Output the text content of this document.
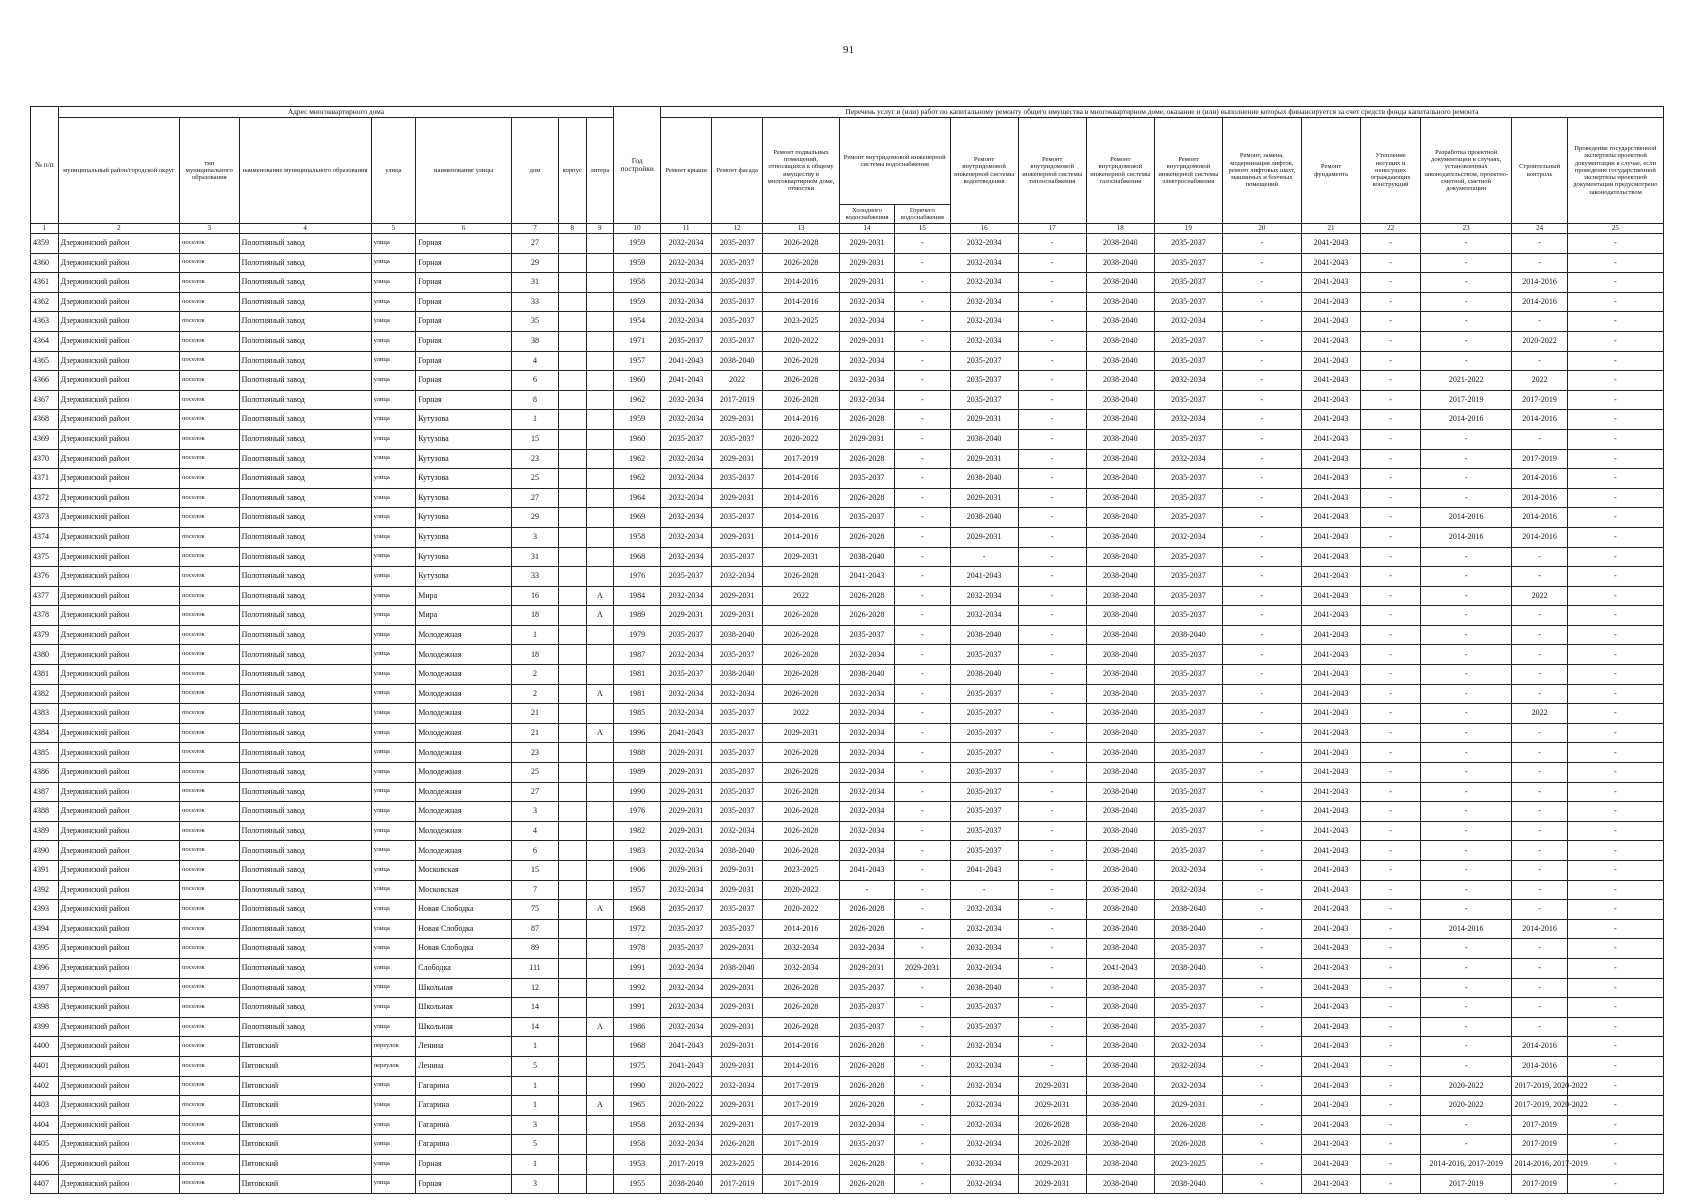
91
№ п/п	Адрес многоквартирного дома								Год постройки	Перечень услуг и (или) работ по капитальному ремонту общего имущества в многоквартирном доме, оказание и (или) выполнение которых финансируется за счет средств фонда капитального ремонта														
	муниципальный район/городской округ	тип муниципального образования	наименование муниципального образования	улица	наименование улицы	дом	корпус	литера		Ремонт крыши	Ремонт фасада	Ремонт подвальных помещений, относящихся к общему имуществу в многоквартирном доме, отмостки	Ремонт внутридомовой инженерной системы водоснабжения		Ремонт внутридомовой инженерной системы водоотведения	Ремонт внутридомовой инженерной системы теплоснабжения	Ремонт внутридомовой инженерной системы газоснабжения	Ремонт внутридомовой инженерной системы электроснабжения	Ремонт, замена, модернизация лифтов, ремонт лифтовых шахт, машинных и блочных помещений	Ремонт фундамента	Утепление несущих и ненесущих ограждающих конструкций	Разработка проектной документации в случаях, установленных законодательством, проектно-сметной, сметной документации	Строительный контроль	Проведение государственной экспертизы проектной документации в случае, если проведение государственной экспертизы проектной документации предусмотрено законодательством
													Холодного водоснабжения	Горячего водоснабжения										
1	2	3	4	5	6	7	8	9	10	11	12	13	14	15	16	17	18	19	20	21	22	23	24	25
4359	Дзержинский район	поселок	Полотняный завод	улица	Горная	27			1959	2032-2034	2035-2037	2026-2028	2029-2031	-	2032-2034	-	2038-2040	2035-2037	-	2041-2043	-	-	-	-
4360	Дзержинский район	поселок	Полотняный завод	улица	Горная	29			1959	2032-2034	2035-2037	2026-2028	2029-2031	-	2032-2034	-	2038-2040	2035-2037	-	2041-2043	-	-	-	-
4361	Дзержинский район	поселок	Полотняный завод	улица	Горная	31			1958	2032-2034	2035-2037	2014-2016	2029-2031	-	2032-2034	-	2038-2040	2035-2037	-	2041-2043	-	-	2014-2016	-
4362	Дзержинский район	поселок	Полотняный завод	улица	Горная	33			1959	2032-2034	2035-2037	2014-2016	2032-2034	-	2032-2034	-	2038-2040	2035-2037	-	2041-2043	-	-	2014-2016	-
4363	Дзержинский район	поселок	Полотняный завод	улица	Горная	35			1954	2032-2034	2035-2037	2023-2025	2032-2034	-	2032-2034	-	2038-2040	2032-2034	-	2041-2043	-	-	-	-
4364	Дзержинский район	поселок	Полотняный завод	улица	Горная	38			1971	2035-2037	2035-2037	2020-2022	2029-2031	-	2032-2034	-	2038-2040	2035-2037	-	2041-2043	-	-	2020-2022	-
4365	Дзержинский район	поселок	Полотняный завод	улица	Горная	4			1957	2041-2043	2038-2040	2026-2028	2032-2034	-	2035-2037	-	2038-2040	2035-2037	-	2041-2043	-	-	-	-
4366	Дзержинский район	поселок	Полотняный завод	улица	Горная	6			1960	2041-2043	2022	2026-2028	2032-2034	-	2035-2037	-	2038-2040	2032-2034	-	2041-2043	-	2021-2022	2022	-
4367	Дзержинский район	поселок	Полотняный завод	улица	Горная	8			1962	2032-2034	2017-2019	2026-2028	2032-2034	-	2035-2037	-	2038-2040	2035-2037	-	2041-2043	-	2017-2019	2017-2019	-
4368	Дзержинский район	поселок	Полотняный завод	улица	Кутузова	1			1959	2032-2034	2029-2031	2014-2016	2026-2028	-	2029-2031	-	2038-2040	2032-2034	-	2041-2043	-	2014-2016	2014-2016	-
4369	Дзержинский район	поселок	Полотняный завод	улица	Кутузова	15			1960	2035-2037	2035-2037	2020-2022	2029-2031	-	2038-2040	-	2038-2040	2035-2037	-	2041-2043	-	-	-	-
4370	Дзержинский район	поселок	Полотняный завод	улица	Кутузова	23			1962	2032-2034	2029-2031	2017-2019	2026-2028	-	2029-2031	-	2038-2040	2032-2034	-	2041-2043	-	-	2017-2019	-
4371	Дзержинский район	поселок	Полотняный завод	улица	Кутузова	25			1962	2032-2034	2035-2037	2014-2016	2035-2037	-	2038-2040	-	2038-2040	2035-2037	-	2041-2043	-	-	2014-2016	-
4372	Дзержинский район	поселок	Полотняный завод	улица	Кутузова	27			1964	2032-2034	2029-2031	2014-2016	2026-2028	-	2029-2031	-	2038-2040	2035-2037	-	2041-2043	-	-	2014-2016	-
4373	Дзержинский район	поселок	Полотняный завод	улица	Кутузова	29			1969	2032-2034	2035-2037	2014-2016	2035-2037	-	2038-2040	-	2038-2040	2035-2037	-	2041-2043	-	2014-2016	2014-2016	-
4374	Дзержинский район	поселок	Полотняный завод	улица	Кутузова	3			1958	2032-2034	2029-2031	2014-2016	2026-2028	-	2029-2031	-	2038-2040	2032-2034	-	2041-2043	-	2014-2016	2014-2016	-
4375	Дзержинский район	поселок	Полотняный завод	улица	Кутузова	31			1968	2032-2034	2035-2037	2029-2031	2038-2040	-	-	-	2038-2040	2035-2037	-	2041-2043	-	-	-	-
4376	Дзержинский район	поселок	Полотняный завод	улица	Кутузова	33			1976	2035-2037	2032-2034	2026-2028	2041-2043	-	2041-2043	-	2038-2040	2035-2037	-	2041-2043	-	-	-	-
4377	Дзержинский район	поселок	Полотняный завод	улица	Мира	16		А	1984	2032-2034	2029-2031	2022	2026-2028	-	2032-2034	-	2038-2040	2035-2037	-	2041-2043	-	-	2022	-
4378	Дзержинский район	поселок	Полотняный завод	улица	Мира	18		А	1989	2029-2031	2029-2031	2026-2028	2026-2028	-	2032-2034	-	2038-2040	2035-2037	-	2041-2043	-	-	-	-
4379	Дзержинский район	поселок	Полотняный завод	улица	Молодежная	1			1979	2035-2037	2038-2040	2026-2028	2035-2037	-	2038-2040	-	2038-2040	2038-2040	-	2041-2043	-	-	-	-
4380	Дзержинский район	поселок	Полотняный завод	улица	Молодежная	18			1987	2032-2034	2035-2037	2026-2028	2032-2034	-	2035-2037	-	2038-2040	2035-2037	-	2041-2043	-	-	-	-
4381	Дзержинский район	поселок	Полотняный завод	улица	Молодежная	2			1981	2035-2037	2038-2040	2026-2028	2038-2040	-	2038-2040	-	2038-2040	2035-2037	-	2041-2043	-	-	-	-
4382	Дзержинский район	поселок	Полотняный завод	улица	Молодежная	2		А	1981	2032-2034	2032-2034	2026-2028	2032-2034	-	2035-2037	-	2038-2040	2035-2037	-	2041-2043	-	-	-	-
4383	Дзержинский район	поселок	Полотняный завод	улица	Молодежная	21			1985	2032-2034	2035-2037	2022	2032-2034	-	2035-2037	-	2038-2040	2035-2037	-	2041-2043	-	-	2022	-
4384	Дзержинский район	поселок	Полотняный завод	улица	Молодежная	21		А	1996	2041-2043	2035-2037	2029-2031	2032-2034	-	2035-2037	-	2038-2040	2035-2037	-	2041-2043	-	-	-	-
4385	Дзержинский район	поселок	Полотняный завод	улица	Молодежная	23			1988	2029-2031	2035-2037	2026-2028	2032-2034	-	2035-2037	-	2038-2040	2035-2037	-	2041-2043	-	-	-	-
4386	Дзержинский район	поселок	Полотняный завод	улица	Молодежная	25			1989	2029-2031	2035-2037	2026-2028	2032-2034	-	2035-2037	-	2038-2040	2035-2037	-	2041-2043	-	-	-	-
4387	Дзержинский район	поселок	Полотняный завод	улица	Молодежная	27			1990	2029-2031	2035-2037	2026-2028	2032-2034	-	2035-2037	-	2038-2040	2035-2037	-	2041-2043	-	-	-	-
4388	Дзержинский район	поселок	Полотняный завод	улица	Молодежная	3			1976	2029-2031	2035-2037	2026-2028	2032-2034	-	2035-2037	-	2038-2040	2035-2037	-	2041-2043	-	-	-	-
4389	Дзержинский район	поселок	Полотняный завод	улица	Молодежная	4			1982	2029-2031	2032-2034	2026-2028	2032-2034	-	2035-2037	-	2038-2040	2035-2037	-	2041-2043	-	-	-	-
4390	Дзержинский район	поселок	Полотняный завод	улица	Молодежная	6			1983	2032-2034	2038-2040	2026-2028	2032-2034	-	2035-2037	-	2038-2040	2035-2037	-	2041-2043	-	-	-	-
4391	Дзержинский район	поселок	Полотняный завод	улица	Московская	15			1906	2029-2031	2029-2031	2023-2025	2041-2043	-	2041-2043	-	2038-2040	2032-2034	-	2041-2043	-	-	-	-
4392	Дзержинский район	поселок	Полотняный завод	улица	Московская	7			1957	2032-2034	2029-2031	2020-2022	-	-	-	-	2038-2040	2032-2034	-	2041-2043	-	-	-	-
4393	Дзержинский район	поселок	Полотняный завод	улица	Новая Слободка	75		А	1968	2035-2037	2035-2037	2020-2022	2026-2028	-	2032-2034	-	2038-2040	2038-2040	-	2041-2043	-	-	-	-
4394	Дзержинский район	поселок	Полотняный завод	улица	Новая Слободка	87			1972	2035-2037	2035-2037	2014-2016	2026-2028	-	2032-2034	-	2038-2040	2038-2040	-	2041-2043	-	2014-2016	2014-2016	-
4395	Дзержинский район	поселок	Полотняный завод	улица	Новая Слободка	89			1978	2035-2037	2029-2031	2032-2034	2032-2034	-	2032-2034	-	2038-2040	2035-2037	-	2041-2043	-	-	-	-
4396	Дзержинский район	поселок	Полотняный завод	улица	Слободка	111			1991	2032-2034	2038-2040	2032-2034	2029-2031	2029-2031	2032-2034	-	2041-2043	2038-2040	-	2041-2043	-	-	-	-
4397	Дзержинский район	поселок	Полотняный завод	улица	Школьная	12			1992	2032-2034	2029-2031	2026-2028	2035-2037	-	2038-2040	-	2038-2040	2035-2037	-	2041-2043	-	-	-	-
4398	Дзержинский район	поселок	Полотняный завод	улица	Школьная	14			1991	2032-2034	2029-2031	2026-2028	2035-2037	-	2035-2037	-	2038-2040	2035-2037	-	2041-2043	-	-	-	-
4399	Дзержинский район	поселок	Полотняный завод	улица	Школьная	14		А	1986	2032-2034	2029-2031	2026-2028	2035-2037	-	2035-2037	-	2038-2040	2035-2037	-	2041-2043	-	-	-	-
4400	Дзержинский район	поселок	Пятовский	переулок	Ленина	1			1968	2041-2043	2029-2031	2014-2016	2026-2028	-	2032-2034	-	2038-2040	2032-2034	-	2041-2043	-	-	2014-2016	-
4401	Дзержинский район	поселок	Пятовский	переулок	Ленина	5			1975	2041-2043	2029-2031	2014-2016	2026-2028	-	2032-2034	-	2038-2040	2032-2034	-	2041-2043	-	-	2014-2016	-
4402	Дзержинский район	поселок	Пятовский	улица	Гагарина	1			1990	2020-2022	2032-2034	2017-2019	2026-2028	-	2032-2034	2029-2031	2038-2040	2032-2034	-	2041-2043	-	2020-2022	2017-2019, 2020-2022	-
4403	Дзержинский район	поселок	Пятовский	улица	Гагарина	1		А	1965	2020-2022	2029-2031	2017-2019	2026-2028	-	2032-2034	2029-2031	2038-2040	2029-2031	-	2041-2043	-	2020-2022	2017-2019, 2020-2022	-
4404	Дзержинский район	поселок	Пятовский	улица	Гагарина	3			1958	2032-2034	2029-2031	2017-2019	2032-2034	-	2032-2034	2026-2028	2038-2040	2026-2028	-	2041-2043	-	-	2017-2019	-
4405	Дзержинский район	поселок	Пятовский	улица	Гагарина	5			1958	2032-2034	2026-2028	2017-2019	2035-2037	-	2032-2034	2026-2028	2038-2040	2026-2028	-	2041-2043	-	-	2017-2019	-
4406	Дзержинский район	поселок	Пятовский	улица	Горная	1			1953	2017-2019	2023-2025	2014-2016	2026-2028	-	2032-2034	2029-2031	2038-2040	2023-2025	-	2041-2043	-	2014-2016, 2017-2019	2014-2016, 2017-2019	-
4407	Дзержинский район	поселок	Пятовский	улица	Горная	3			1955	2038-2040	2017-2019	2017-2019	2026-2028	-	2032-2034	2029-2031	2038-2040	2038-2040	-	2041-2043	-	2017-2019	2017-2019	-
